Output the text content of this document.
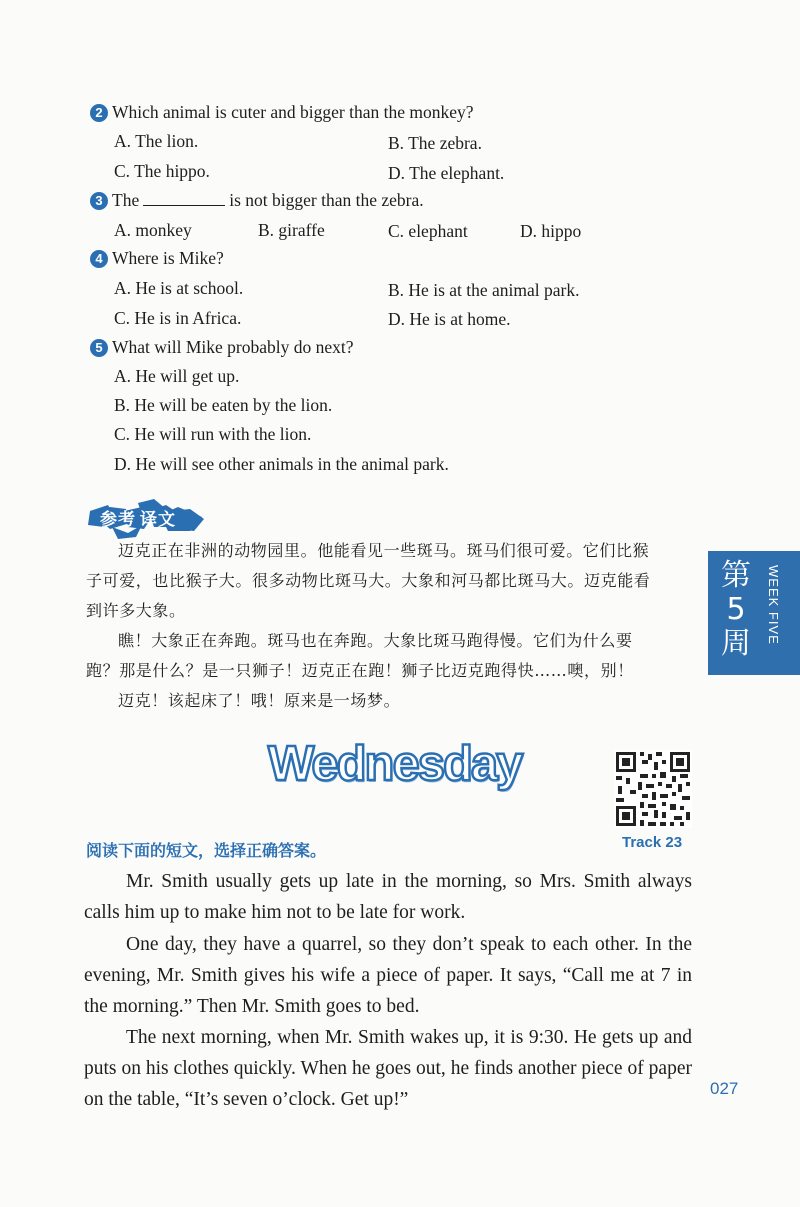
2 Which animal is cuter and bigger than the monkey?
A. The lion.	B. The zebra.
C. The hippo.	D. The elephant.
3 The	is not bigger than the zebra.
A. monkey	B. giraffe	C. elephant	D. hippo
4 Where is Mike?
A. He is at school.	B. He is at the animal park.
C. He is in Africa.	D. He is at home.
5 What will Mike probably do next?
A. He will get up.
B. He will be eaten by the lion.
C. He will run with the lion.
D. He will see other animals in the animal park.
参考 译文
迈克正在非洲的动物园里。他能看见一些斑马。斑马们很可爱。它们比猴
子可爱，也比猴子大。很多动物比斑马大。大象和河马都比斑马大。迈克能看
到许多大象。
瞧！大象正在奔跑。斑马也在奔跑。大象比斑马跑得慢。它们为什么要
跑？那是什么？是一只狮子！迈克正在跑！狮子比迈克跑得快……噢，别！
迈克！该起床了！哦！原来是一场梦。
第5周 WEEK FIVE
Wednesday
Track 23
阅读下面的短文，选择正确答案。

Mr. Smith usually gets up late in the morning, so Mrs. Smith always calls him up to make him not to be late for work.

One day, they have a quarrel, so they don’t speak to each other. In the evening, Mr. Smith gives his wife a piece of paper. It says, “Call me at 7 in the morning.” Then Mr. Smith goes to bed.

The next morning, when Mr. Smith wakes up, it is 9:30. He gets up and puts on his clothes quickly. When he goes out, he finds another piece of paper on the table, “It’s seven o’clock. Get up!”

027
